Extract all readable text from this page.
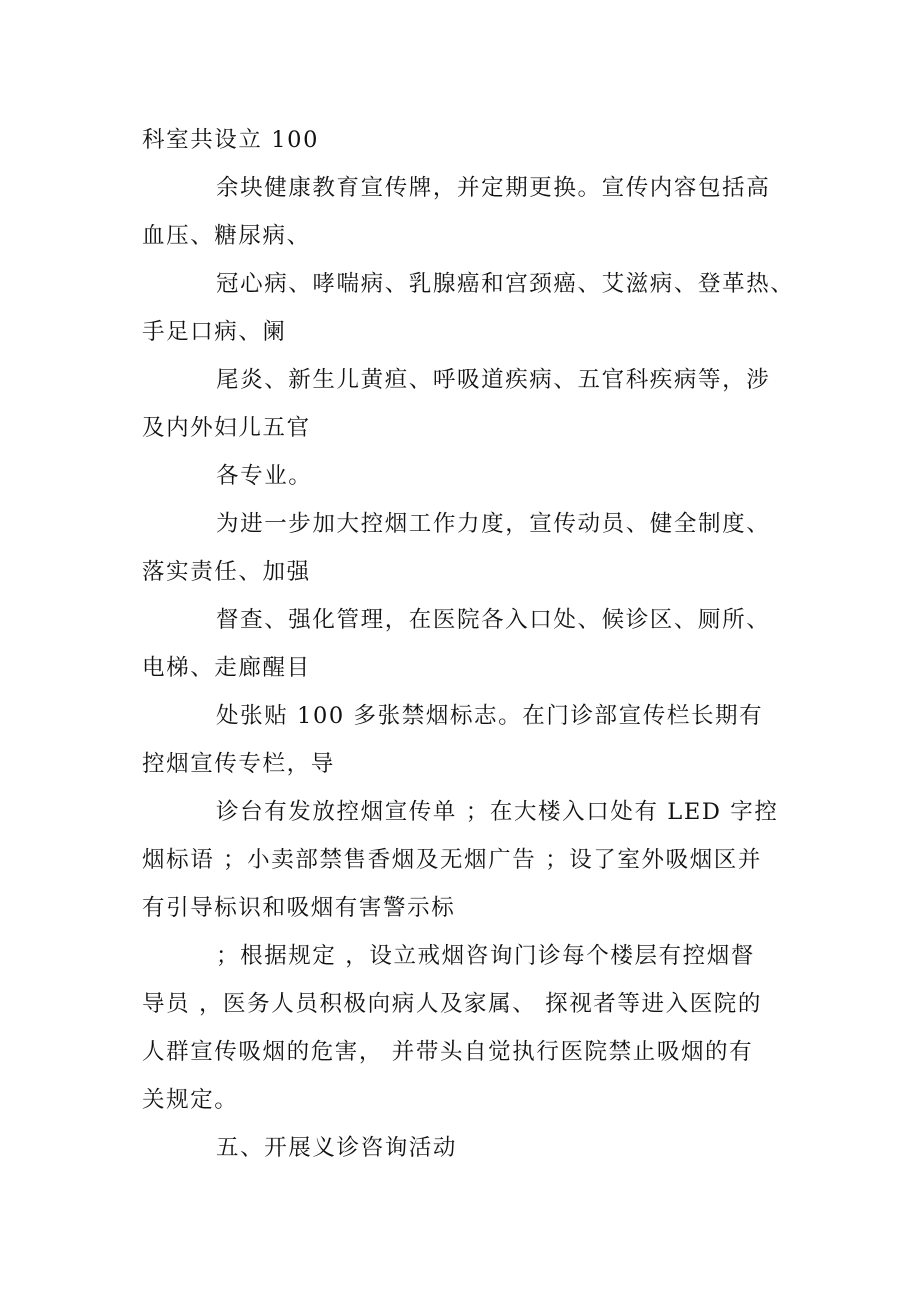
科室共设立 100
余块健康教育宣传牌，并定期更换。宣传内容包括高
血压、糖尿病、
冠心病、哮喘病、乳腺癌和宫颈癌、艾滋病、登革热、
手足口病、阑
尾炎、新生儿黄疸、呼吸道疾病、五官科疾病等，涉
及内外妇儿五官
各专业。
为进一步加大控烟工作力度，宣传动员、健全制度、
落实责任、加强
督查、强化管理，在医院各入口处、候诊区、厕所、
电梯、走廊醒目
处张贴 100 多张禁烟标志。在门诊部宣传栏长期有
控烟宣传专栏，导
诊台有发放控烟宣传单 ；在大楼入口处有 LED 字控
烟标语 ；小卖部禁售香烟及无烟广告 ；设了室外吸烟区并
有引导标识和吸烟有害警示标
；根据规定 ，设立戒烟咨询门诊每个楼层有控烟督
导员 ，医务人员积极向病人及家属、 探视者等进入医院的
人群宣传吸烟的危害， 并带头自觉执行医院禁止吸烟的有
关规定。
五、开展义诊咨询活动
